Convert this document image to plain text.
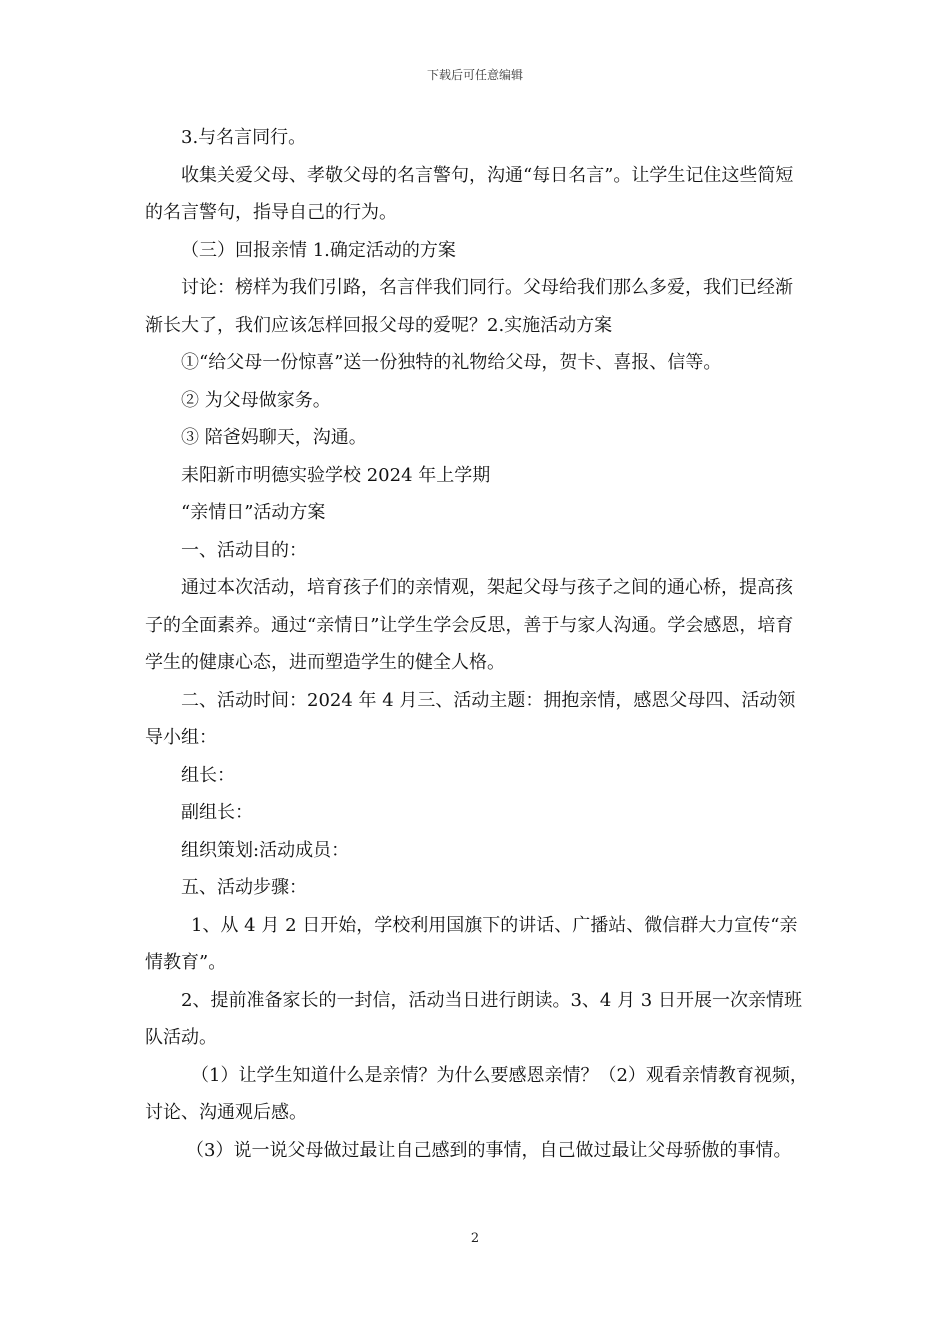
下载后可任意编辑

3.与名言同行。

收集关爱父母、孝敬父母的名言警句，沟通“每日名言”。让学生记住这些简短的名言警句，指导自己的行为。

（三）回报亲情 1.确定活动的方案

讨论：榜样为我们引路，名言伴我们同行。父母给我们那么多爱，我们已经渐渐长大了，我们应该怎样回报父母的爱呢？2.实施活动方案

①“给父母一份惊喜”送一份独特的礼物给父母，贺卡、喜报、信等。

② 为父母做家务。

③ 陪爸妈聊天，沟通。

耒阳新市明德实验学校 2024 年上学期

“亲情日”活动方案

一、活动目的：

通过本次活动，培育孩子们的亲情观，架起父母与孩子之间的通心桥，提高孩子的全面素养。通过“亲情日”让学生学会反思，善于与家人沟通。学会感恩，培育学生的健康心态，进而塑造学生的健全人格。

二、活动时间：2024 年 4 月三、活动主题：拥抱亲情，感恩父母四、活动领导小组：

组长：

副组长：

组织策划:活动成员：

五、活动步骤：

1、从 4 月 2 日开始，学校利用国旗下的讲话、广播站、微信群大力宣传“亲情教育”。

2、提前准备家长的一封信，活动当日进行朗读。3、4 月 3 日开展一次亲情班队活动。

（1）让学生知道什么是亲情？为什么要感恩亲情？（2）观看亲情教育视频，讨论、沟通观后感。

（3）说一说父母做过最让自己感到的事情，自己做过最让父母骄傲的事情。

2
